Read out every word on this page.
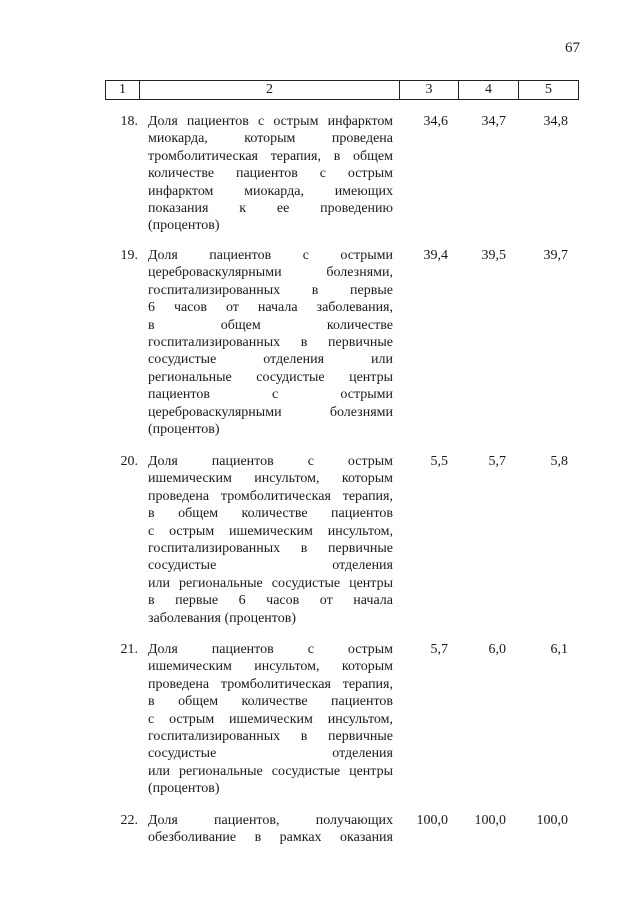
67
1	2	3	4	5
18. Доля пациентов с острым инфарктом
миокарда, которым проведена
тромболитическая терапия, в общем
количестве пациентов с острым
инфарктом миокарда, имеющих
показания к ее проведению
(процентов)
34,6	34,7	34,8
19. Доля пациентов с острыми
цереброваскулярными болезнями,
госпитализированных в первые
6 часов от начала заболевания,
в общем количестве
госпитализированных в первичные
сосудистые отделения или
региональные сосудистые центры
пациентов с острыми
цереброваскулярными болезнями
(процентов)
39,4	39,5	39,7
20. Доля пациентов с острым
ишемическим инсультом, которым
проведена тромболитическая терапия,
в общем количестве пациентов
с острым ишемическим инсультом,
госпитализированных в первичные
сосудистые отделения
или региональные сосудистые центры
в первые 6 часов от начала
заболевания (процентов)
5,5	5,7	5,8
21. Доля пациентов с острым
ишемическим инсультом, которым
проведена тромболитическая терапия,
в общем количестве пациентов
с острым ишемическим инсультом,
госпитализированных в первичные
сосудистые отделения
или региональные сосудистые центры
(процентов)
5,7	6,0	6,1
22. Доля пациентов, получающих
обезболивание в рамках оказания
100,0	100,0	100,0
